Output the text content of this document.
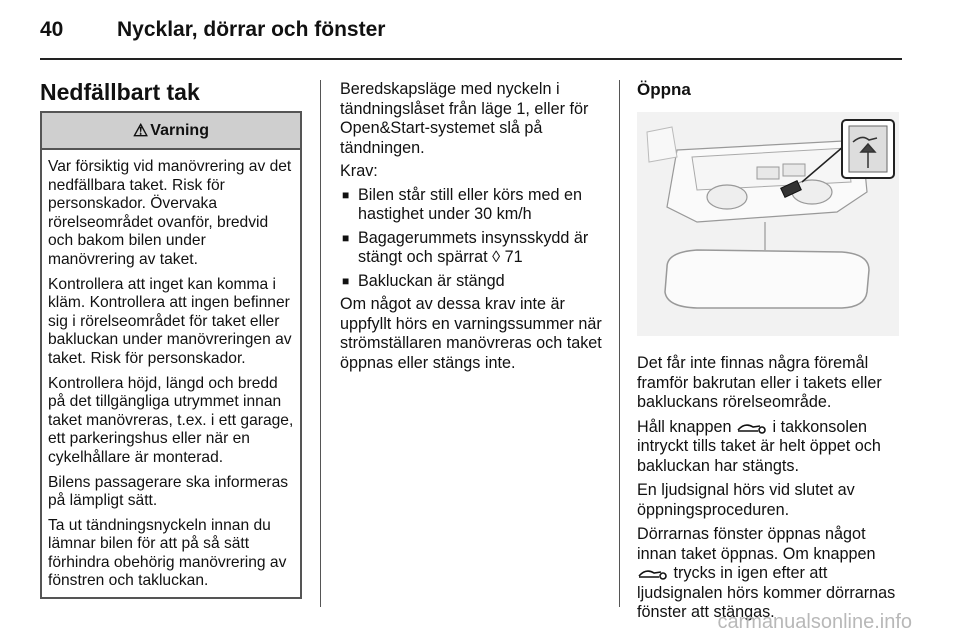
40	Nycklar, dörrar och fönster
Nedfällbart tak
⚠ Varning

Var försiktig vid manövrering av det nedfällbara taket. Risk för personskador. Övervaka rörelseområdet ovanför, bredvid och bakom bilen under manövrering av taket.

Kontrollera att inget kan komma i kläm. Kontrollera att ingen befinner sig i rörelseområdet för taket eller bakluckan under manövreringen av taket. Risk för personskador.

Kontrollera höjd, längd och bredd på det tillgängliga utrymmet innan taket manövreras, t.ex. i ett garage, ett parkeringshus eller när en cykelhållare är monterad.

Bilens passagerare ska informeras på lämpligt sätt.

Ta ut tändningsnyckeln innan du lämnar bilen för att på så sätt förhindra obehörig manövrering av fönstren och takluckan.

Beredskapsläge med nyckeln i tändningslåset från läge 1, eller för Open&Start-systemet slå på tändningen.

Krav:

■ Bilen står still eller körs med en hastighet under 30 km/h
■ Bagagerummets insynsskydd är stängt och spärrat ◊ 71
■ Bakluckan är stängd

Om något av dessa krav inte är uppfyllt hörs en varningssummer när strömställaren manövreras och taket öppnas eller stängs inte.

Öppna

Det får inte finnas några föremål framför bakrutan eller i takets eller bakluckans rörelseområde.

Håll knappen	i takkonsolen intryckt tills taket är helt öppet och bakluckan har stängts.

En ljudsignal hörs vid slutet av öppningsproceduren.

Dörrarnas fönster öppnas något innan taket öppnas. Om knappen  trycks in igen efter att ljudsignalen hörs kommer dörrarnas fönster att stängas.

carmanualsonline.info
